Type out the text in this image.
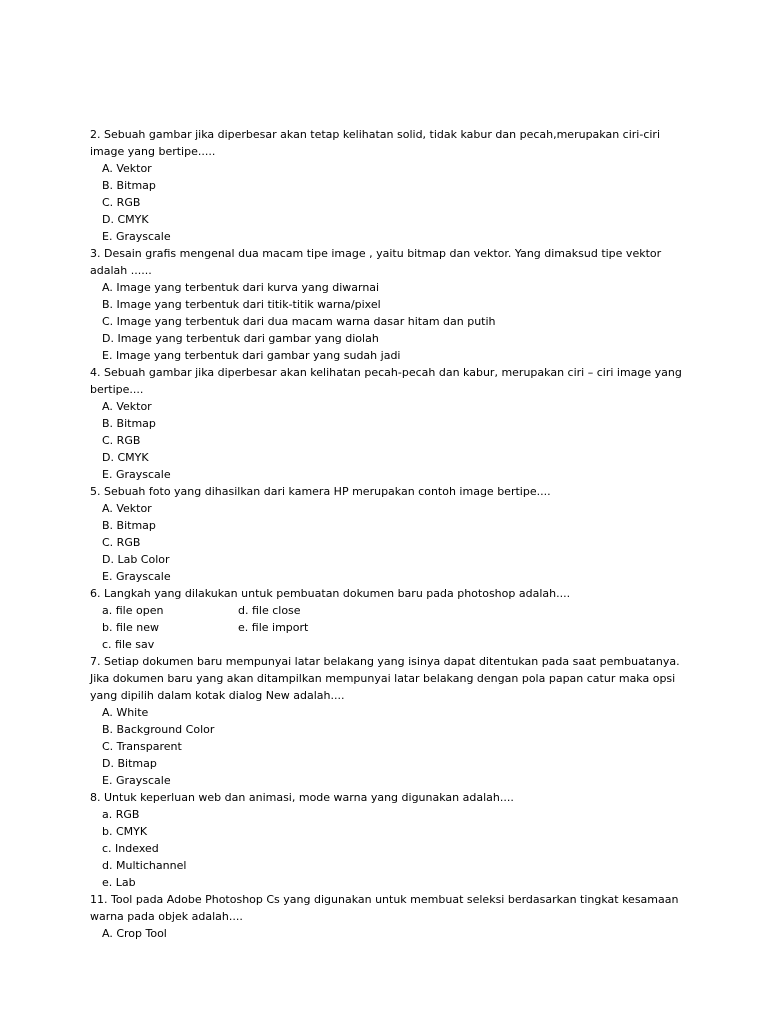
2. Sebuah gambar jika diperbesar akan tetap kelihatan solid, tidak kabur dan pecah,merupakan ciri-ciri image yang bertipe.....
A. Vektor
B. Bitmap
C. RGB
D. CMYK
E. Grayscale
3. Desain grafis mengenal dua macam tipe image , yaitu bitmap dan vektor. Yang dimaksud tipe vektor adalah ......
A. Image yang terbentuk dari kurva yang diwarnai
B. Image yang terbentuk dari titik-titik warna/pixel
C. Image yang terbentuk dari dua macam warna dasar hitam dan putih
D. Image yang terbentuk dari gambar yang diolah
E. Image yang terbentuk dari gambar yang sudah jadi
4. Sebuah gambar jika diperbesar akan kelihatan pecah-pecah dan kabur, merupakan ciri – ciri image yang bertipe....
A. Vektor
B. Bitmap
C. RGB
D. CMYK
E. Grayscale
5. Sebuah foto yang dihasilkan dari kamera HP merupakan contoh image bertipe....
A. Vektor
B. Bitmap
C. RGB
D. Lab Color
E. Grayscale
6. Langkah yang dilakukan untuk pembuatan dokumen baru pada photoshop adalah....
a. file open	d. file close
b. file new	e. file import
c. file sav
7. Setiap dokumen baru mempunyai latar belakang yang isinya dapat ditentukan pada saat pembuatanya. Jika dokumen baru yang akan ditampilkan mempunyai latar belakang dengan pola papan catur maka opsi yang dipilih dalam kotak dialog New adalah....
A. White
B. Background Color
C. Transparent
D. Bitmap
E. Grayscale
8. Untuk keperluan web dan animasi, mode warna yang digunakan adalah....
a. RGB
b. CMYK
c. Indexed
d. Multichannel
e. Lab
11. Tool pada Adobe Photoshop Cs yang digunakan untuk membuat seleksi berdasarkan tingkat kesamaan warna pada objek adalah....
A. Crop Tool
